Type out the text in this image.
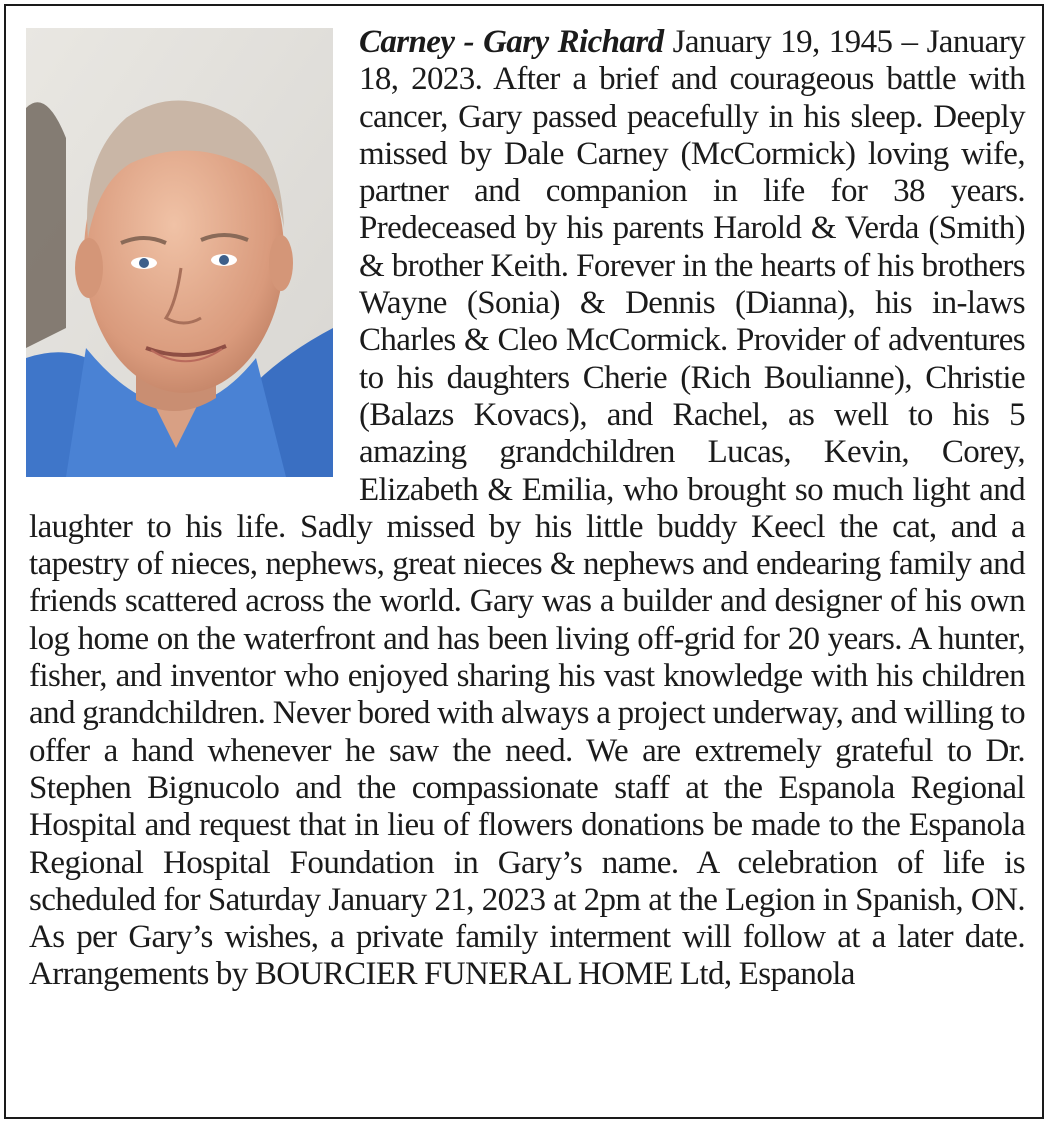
Carney - Gary Richard January 19, 1945 – January 18, 2023. After a brief and courageous battle with cancer, Gary passed peacefully in his sleep. Deeply missed by Dale Carney (McCormick) loving wife, partner and companion in life for 38 years. Predeceased by his parents Harold & Verda (Smith) & brother Keith. Forever in the hearts of his brothers Wayne (Sonia) & Dennis (Dianna), his in-laws Charles & Cleo McCormick. Provider of adventures to his daughters Cherie (Rich Boulianne), Christie (Balazs Kovacs), and Rachel, as well to his 5 amazing grandchildren Lucas, Kevin, Corey, Elizabeth & Emilia, who brought so much light and laughter to his life. Sadly missed by his little buddy Keecl the cat, and a tapestry of nieces, nephews, great nieces & nephews and endearing family and friends scattered across the world. Gary was a builder and designer of his own log home on the waterfront and has been living off-grid for 20 years. A hunter, fisher, and inventor who enjoyed sharing his vast knowledge with his children and grandchildren. Never bored with always a project underway, and willing to offer a hand whenever he saw the need. We are extremely grateful to Dr. Stephen Bignucolo and the compassionate staff at the Espanola Regional Hospital and request that in lieu of flowers donations be made to the Espanola Regional Hospital Foundation in Gary’s name. A celebration of life is scheduled for Saturday January 21, 2023 at 2pm at the Legion in Spanish, ON. As per Gary’s wishes, a private family interment will follow at a later date. Arrangements by BOURCIER FUNERAL HOME Ltd, Espanola
